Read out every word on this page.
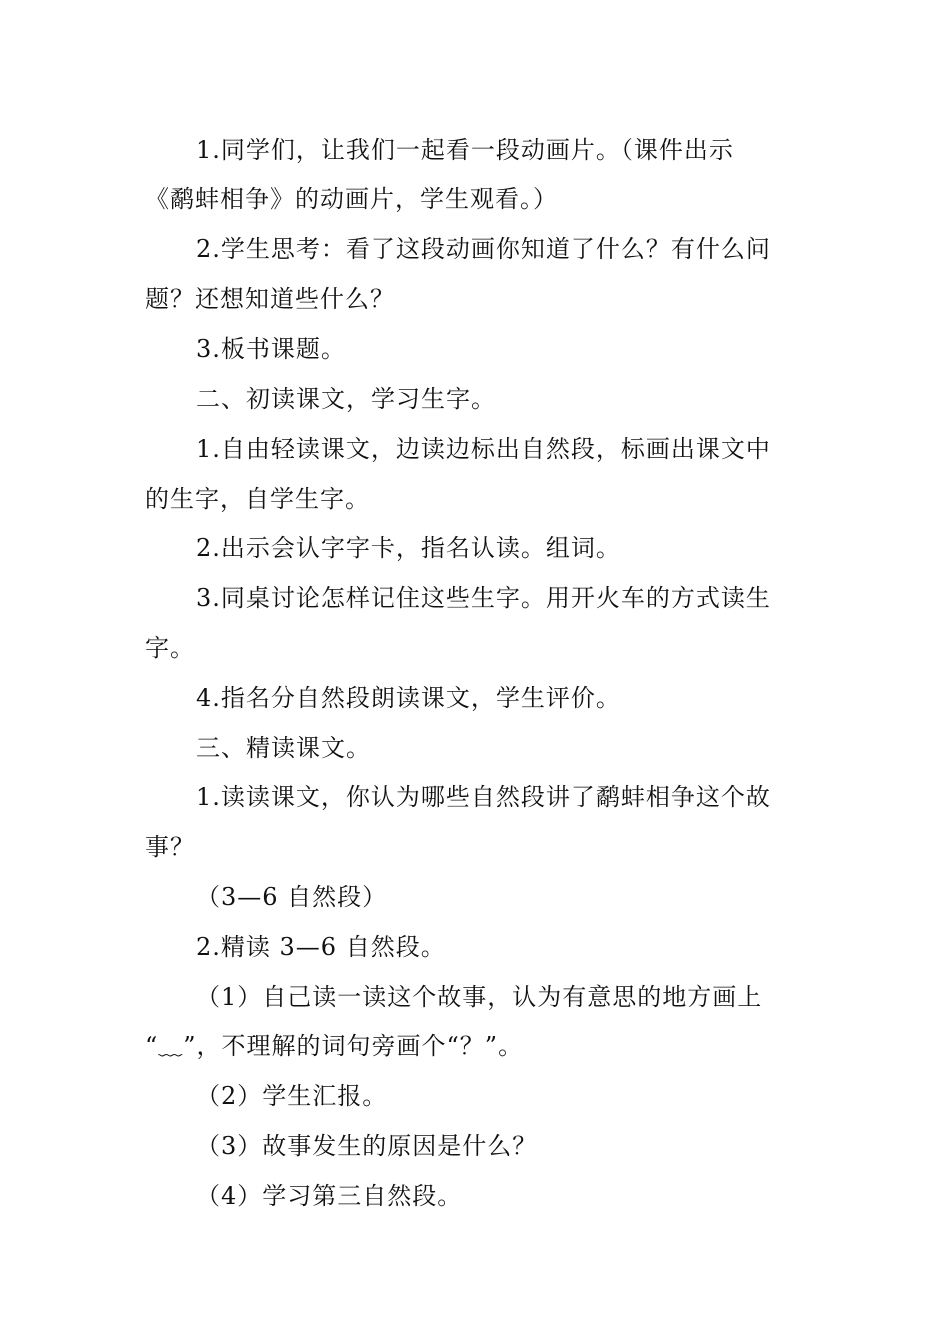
1.同学们，让我们一起看一段动画片。（课件出示
《鹬蚌相争》的动画片，学生观看。）
2.学生思考：看了这段动画你知道了什么？有什么问
题？还想知道些什么？
3.板书课题。
二、初读课文，学习生字。
1.自由轻读课文，边读边标出自然段，标画出课文中
的生字，自学生字。
2.出示会认字字卡，指名认读。组词。
3.同桌讨论怎样记住这些生字。用开火车的方式读生
字。
4.指名分自然段朗读课文，学生评价。
三、精读课文。
1.读读课文，你认为哪些自然段讲了鹬蚌相争这个故
事？
（3—6 自然段）
2.精读 3—6 自然段。
（1）自己读一读这个故事，认为有意思的地方画上
“﹏”，不理解的词句旁画个“？”。
（2）学生汇报。
（3）故事发生的原因是什么？
（4）学习第三自然段。
